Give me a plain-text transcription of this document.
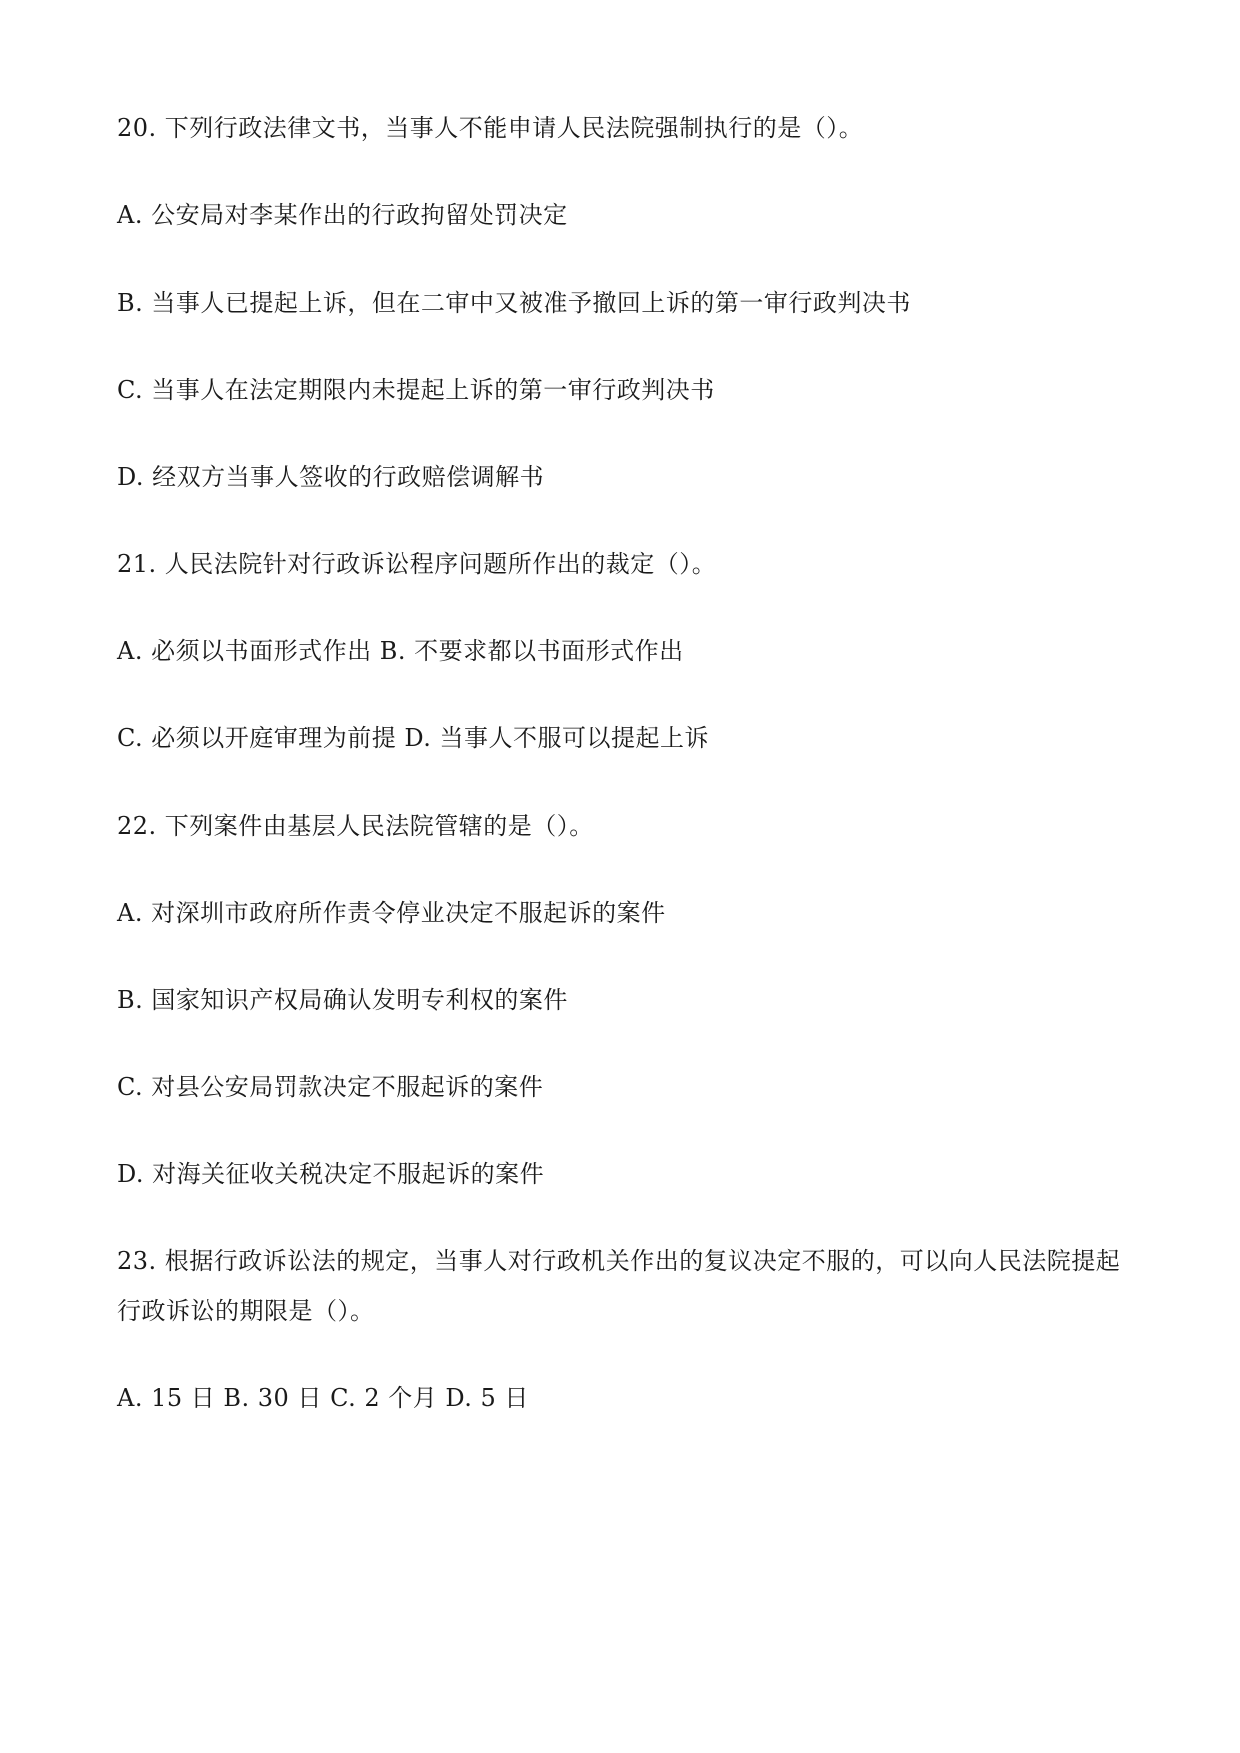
20. 下列行政法律文书，当事人不能申请人民法院强制执行的是（）。
A. 公安局对李某作出的行政拘留处罚决定
B. 当事人已提起上诉，但在二审中又被准予撤回上诉的第一审行政判决书
C. 当事人在法定期限内未提起上诉的第一审行政判决书
D. 经双方当事人签收的行政赔偿调解书
21. 人民法院针对行政诉讼程序问题所作出的裁定（）。
A. 必须以书面形式作出 B. 不要求都以书面形式作出
C. 必须以开庭审理为前提 D. 当事人不服可以提起上诉
22. 下列案件由基层人民法院管辖的是（）。
A. 对深圳市政府所作责令停业决定不服起诉的案件
B. 国家知识产权局确认发明专利权的案件
C. 对县公安局罚款决定不服起诉的案件
D. 对海关征收关税决定不服起诉的案件
23. 根据行政诉讼法的规定，当事人对行政机关作出的复议决定不服的，可以向人民法院提起行政诉讼的期限是（）。
A. 15 日 B. 30 日 C. 2 个月 D. 5 日
